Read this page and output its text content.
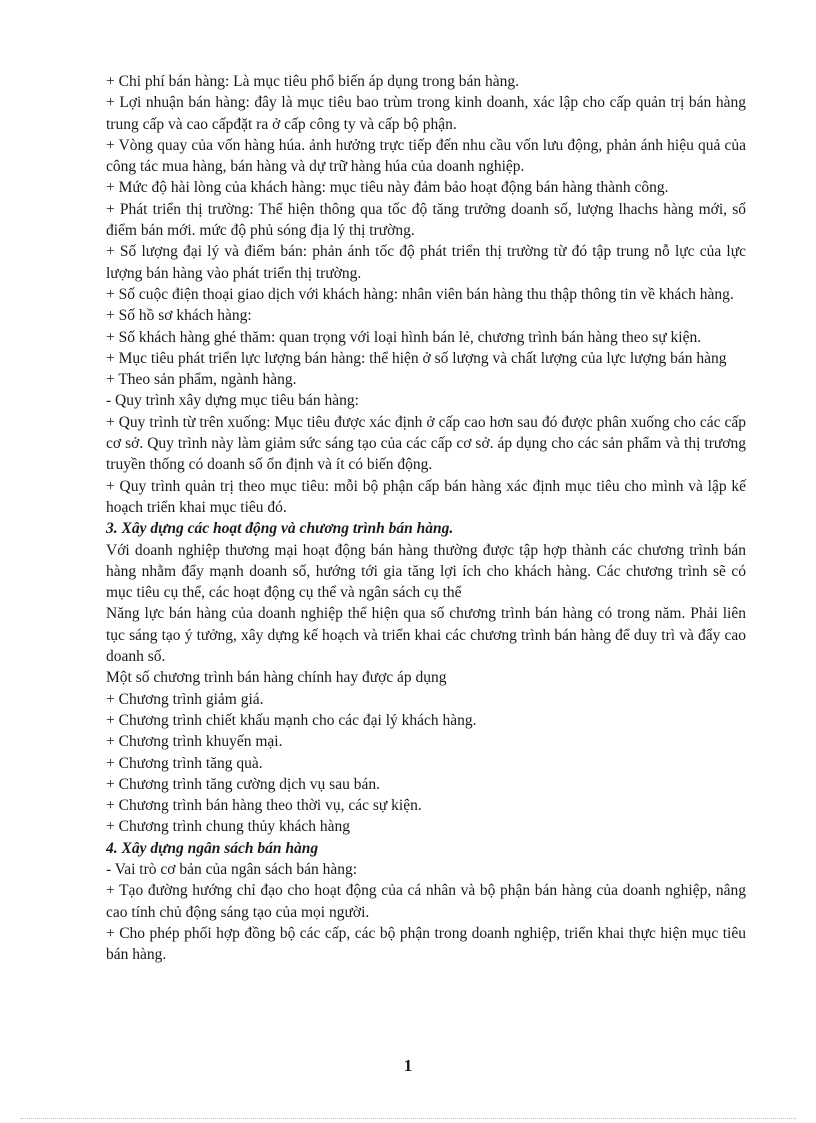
+ Chi phí bán hàng: Là mục tiêu phổ biến áp dụng trong bán hàng.

+ Lợi nhuận bán hàng: đây là mục tiêu bao trùm trong kinh doanh, xác lập cho cấp quản trị bán hàng trung cấp và cao cấpđặt ra ở cấp công ty và cấp bộ phận.

+ Vòng quay của vốn hàng húa. ảnh hưởng trực tiếp đến nhu cầu vốn lưu động, phản ánh hiệu quả của công tác mua hàng, bán hàng và dự trữ hàng húa của doanh nghiệp.

+ Mức độ hài lòng của khách hàng: mục tiêu này đảm bảo hoạt động bán hàng thành công.

+ Phát triển thị trường: Thể hiện thông qua tốc độ tăng trưởng doanh số, lượng lhachs hàng mới, số điểm bán mới. mức độ phủ sóng địa lý thị trường.

+ Số lượng đại lý và điểm bán: phản ánh tốc độ phát triển thị trường từ đó tập trung nỗ lực của lực lượng bán hàng vào phát triển thị trường.

+ Số cuộc điện thoại giao dịch với khách hàng: nhân viên bán hàng thu thập thông tin về khách hàng.

+ Số hồ sơ khách hàng:

+ Số khách hàng ghé thăm: quan trọng với loại hình bán lẻ, chương trình bán hàng theo sự kiện.

+ Mục tiêu phát triển lực lượng bán hàng: thể hiện ở số lượng và chất lượng của lực lượng bán hàng

+ Theo sản phẩm, ngành hàng.

- Quy trình xây dựng mục tiêu bán hàng:

+ Quy trình từ trên xuống: Mục tiêu được xác định ở cấp cao hơn sau đó được phân xuống cho các cấp cơ sở. Quy trình này làm giảm sức sáng tạo của các cấp cơ sở. áp dụng cho các sản phẩm và thị trương truyền thống có doanh số ổn định và ít có biến động.

+ Quy trình quản trị theo mục tiêu: mỗi bộ phận cấp bán hàng xác định mục tiêu cho mình và lập kế hoạch triển khai mục tiêu đó.

3. Xây dựng các hoạt động và chương trình bán hàng.

Với doanh nghiệp thương mại hoạt động bán hàng thường được tập hợp thành các chương trình bán hàng nhằm đẩy mạnh doanh số, hướng tới gia tăng lợi ích cho khách hàng. Các chương trình sẽ có mục tiêu cụ thể, các hoạt động cụ thể và ngân sách cụ thể

Năng lực bán hàng của doanh nghiệp thể hiện qua số chương trình bán hàng có trong năm. Phải liên tục sáng tạo ý tưởng, xây dựng kế hoạch và triển khai các chương trình bán hàng để duy trì và đẩy cao doanh số.

Một số chương trình bán hàng chính hay được áp dụng

+ Chương trình giảm giá.

+ Chương trình chiết khấu mạnh cho các đại lý khách hàng.

+ Chương trình khuyến mại.

+ Chương trình tăng quà.

+ Chương trình tăng cường dịch vụ sau bán.

+ Chương trình bán hàng theo thời vụ, các sự kiện.

+ Chương trình chung thủy khách hàng

4. Xây dựng ngân sách bán hàng

- Vai trò cơ bản của ngân sách bán hàng:

+ Tạo đường hướng chỉ đạo cho hoạt động của cá nhân và bộ phận bán hàng của doanh nghiệp, nâng cao tính chủ động sáng tạo của mọi người.

+ Cho phép phối hợp đồng bộ các cấp, các bộ phận trong doanh nghiệp, triển khai thực hiện mục tiêu bán hàng.

1
